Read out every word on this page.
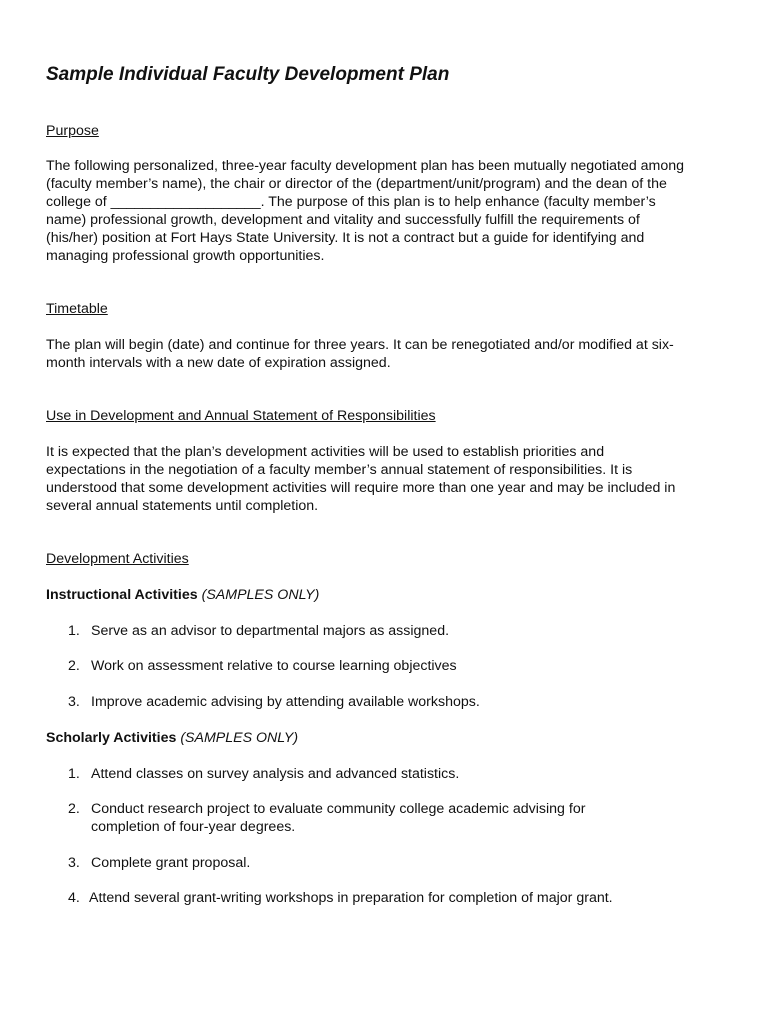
Sample Individual Faculty Development Plan
Purpose
The following personalized, three-year faculty development plan has been mutually negotiated among
(faculty member’s name), the chair or director of the (department/unit/program) and the dean of the
college of ___________________. The purpose of this plan is to help enhance (faculty member’s
name) professional growth, development and vitality and successfully fulfill the requirements of
(his/her) position at Fort Hays State University. It is not a contract but a guide for identifying and
managing professional growth opportunities.
Timetable
The plan will begin (date) and continue for three years. It can be renegotiated and/or modified at six-
month intervals with a new date of expiration assigned.
Use in Development and Annual Statement of Responsibilities
It is expected that the plan’s development activities will be used to establish priorities and
expectations in the negotiation of a faculty member’s annual statement of responsibilities. It is
understood that some development activities will require more than one year and may be included in
several annual statements until completion.
Development Activities
Instructional Activities (SAMPLES ONLY)
1. Serve as an advisor to departmental majors as assigned.
2. Work on assessment relative to course learning objectives
3. Improve academic advising by attending available workshops.
Scholarly Activities (SAMPLES ONLY)
1. Attend classes on survey analysis and advanced statistics.
2. Conduct research project to evaluate community college academic advising for
completion of four-year degrees.
3. Complete grant proposal.
4. Attend several grant-writing workshops in preparation for completion of major grant.
